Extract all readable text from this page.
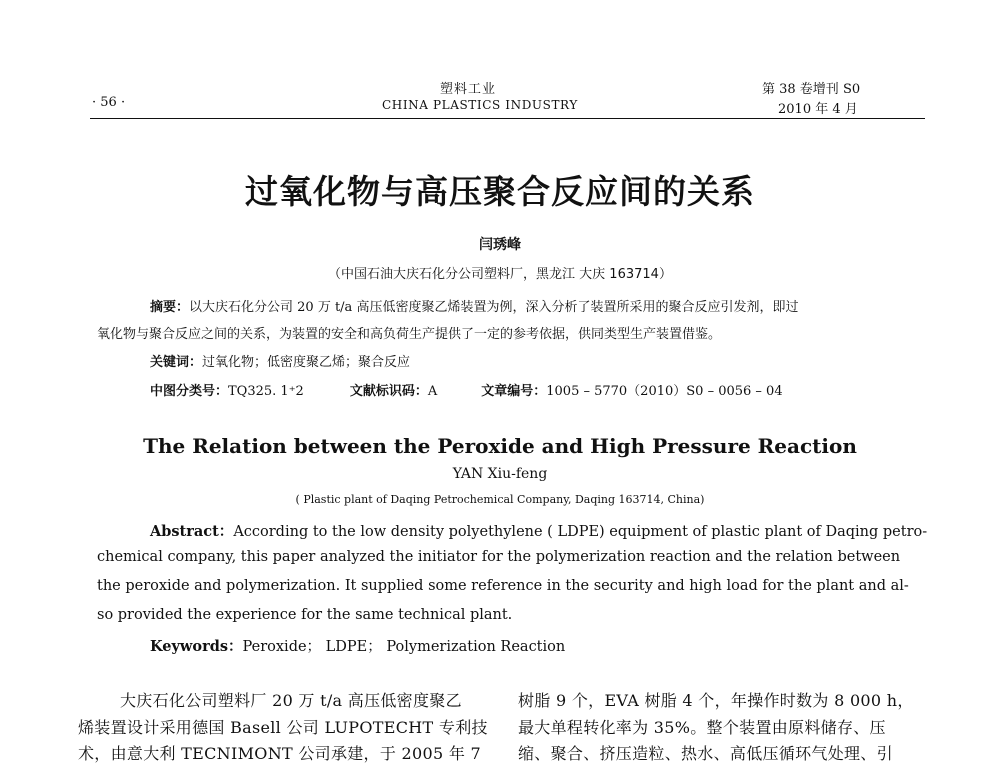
· 56 ·
塑料工业
CHINA PLASTICS INDUSTRY
第 38 卷增刊 S0
2010 年 4 月
过氧化物与高压聚合反应间的关系
闫琇峰
（中国石油大庆石化分公司塑料厂，黑龙江 大庆 163714）
摘要：以大庆石化分公司 20 万 t/a 高压低密度聚乙烯装置为例，深入分析了装置所采用的聚合反应引发剂，即过
氧化物与聚合反应之间的关系，为装置的安全和高负荷生产提供了一定的参考依据，供同类型生产装置借鉴。
关键词：过氧化物；低密度聚乙烯；聚合反应
中图分类号：TQ325. 1⁺2	文献标识码：A	文章编号：1005 – 5770（2010）S0 – 0056 – 04
The Relation between the Peroxide and High Pressure Reaction
YAN Xiu-feng
( Plastic plant of Daqing Petrochemical Company, Daqing 163714, China)
Abstract：According to the low density polyethylene ( LDPE) equipment of plastic plant of Daqing petro-
chemical company, this paper analyzed the initiator for the polymerization reaction and the relation between
the peroxide and polymerization. It supplied some reference in the security and high load for the plant and al-
so provided the experience for the same technical plant.
Keywords：Peroxide； LDPE； Polymerization Reaction
大庆石化公司塑料厂 20 万 t/a 高压低密度聚乙
烯装置设计采用德国 Basell 公司 LUPOTECHT 专利技
术，由意大利 TECNIMONT 公司承建，于 2005 年 7
树脂 9 个，EVA 树脂 4 个，年操作时数为 8 000 h，
最大单程转化率为 35%。整个装置由原料储存、压
缩、聚合、挤压造粒、热水、高低压循环气处理、引
